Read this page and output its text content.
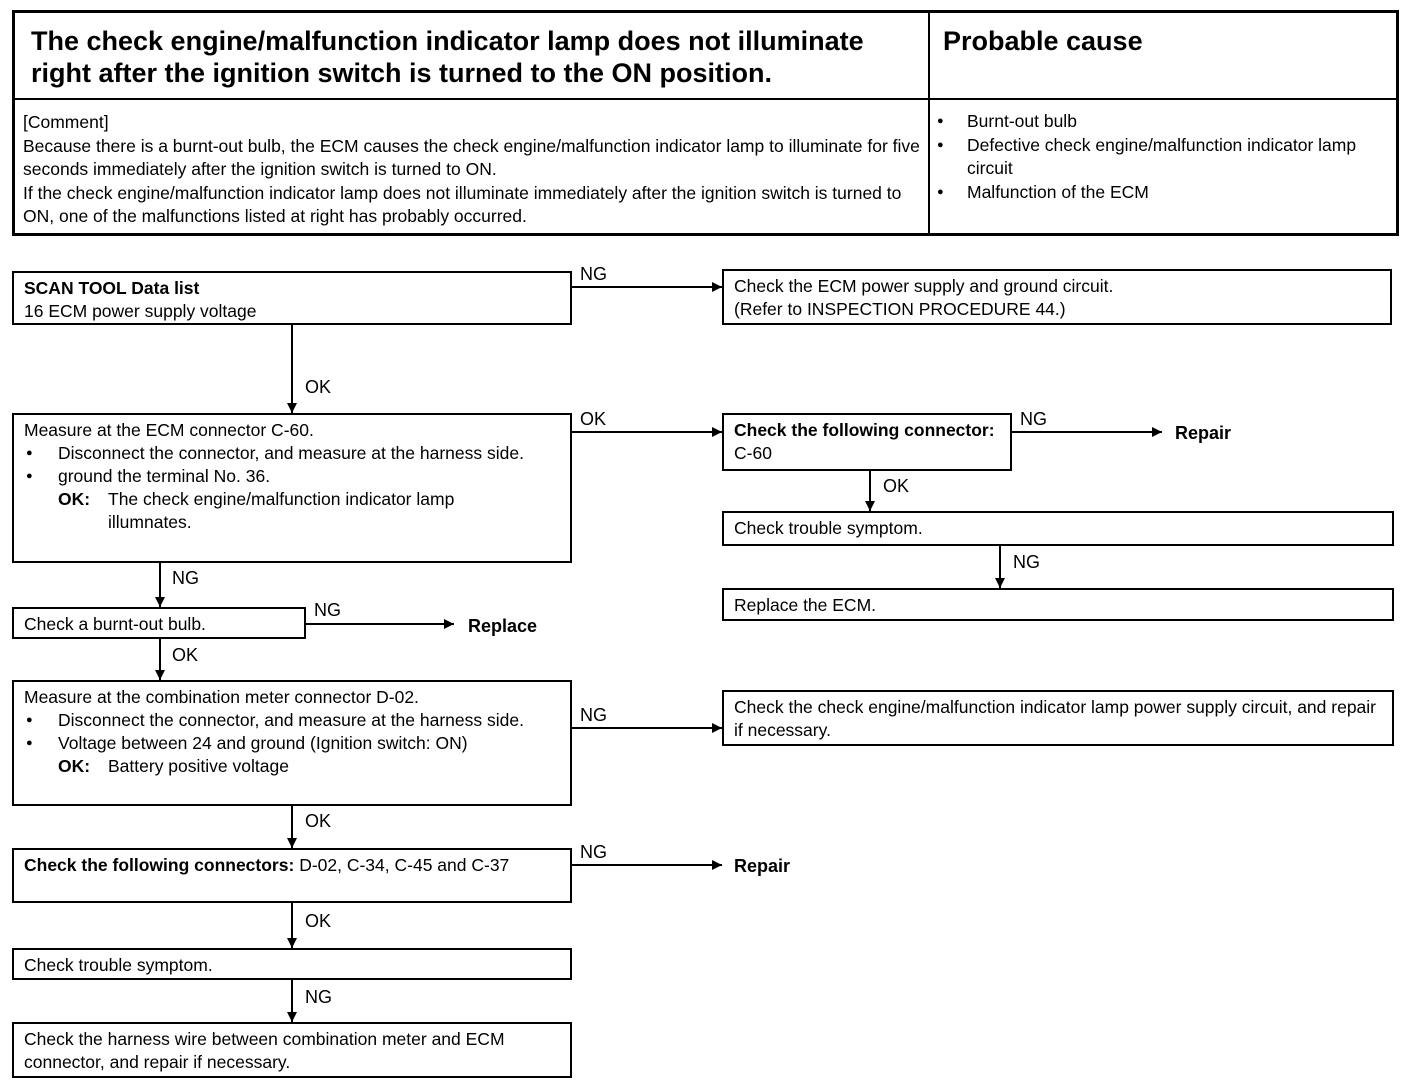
The check engine/malfunction indicator lamp does not illuminate right after the ignition switch is turned to the ON position.
Probable cause
[Comment]
Because there is a burnt-out bulb, the ECM causes the check engine/malfunction indicator lamp to illuminate for five seconds immediately after the ignition switch is turned to ON.
If the check engine/malfunction indicator lamp does not illuminate immediately after the ignition switch is turned to ON, one of the malfunctions listed at right has probably occurred.
● Burnt-out bulb
● Defective check engine/malfunction indicator lamp circuit
● Malfunction of the ECM
SCAN TOOL Data list
16 ECM power supply voltage
Check the ECM power supply and ground circuit.
(Refer to INSPECTION PROCEDURE 44.)
Measure at the ECM connector C-60.
● Disconnect the connector, and measure at the harness side.
● ground the terminal No. 36.
OK: The check engine/malfunction indicator lamp
illumnates.
Check the following connector: C-60
Check trouble symptom.
Replace the ECM.
Check a burnt-out bulb.
Measure at the combination meter connector D-02.
● Disconnect the connector, and measure at the harness side.
● Voltage between 24 and ground (Ignition switch: ON)
OK: Battery positive voltage
Check the check engine/malfunction indicator lamp power supply circuit, and repair if necessary.
Check the following connectors: D-02, C-34, C-45 and C-37
Check trouble symptom.
Check the harness wire between combination meter and ECM connector, and repair if necessary.
NG
OK
OK	NG
OK
NG
NG
NG
OK
NG
OK
NG
OK
NG
Repair
Replace
Repair
